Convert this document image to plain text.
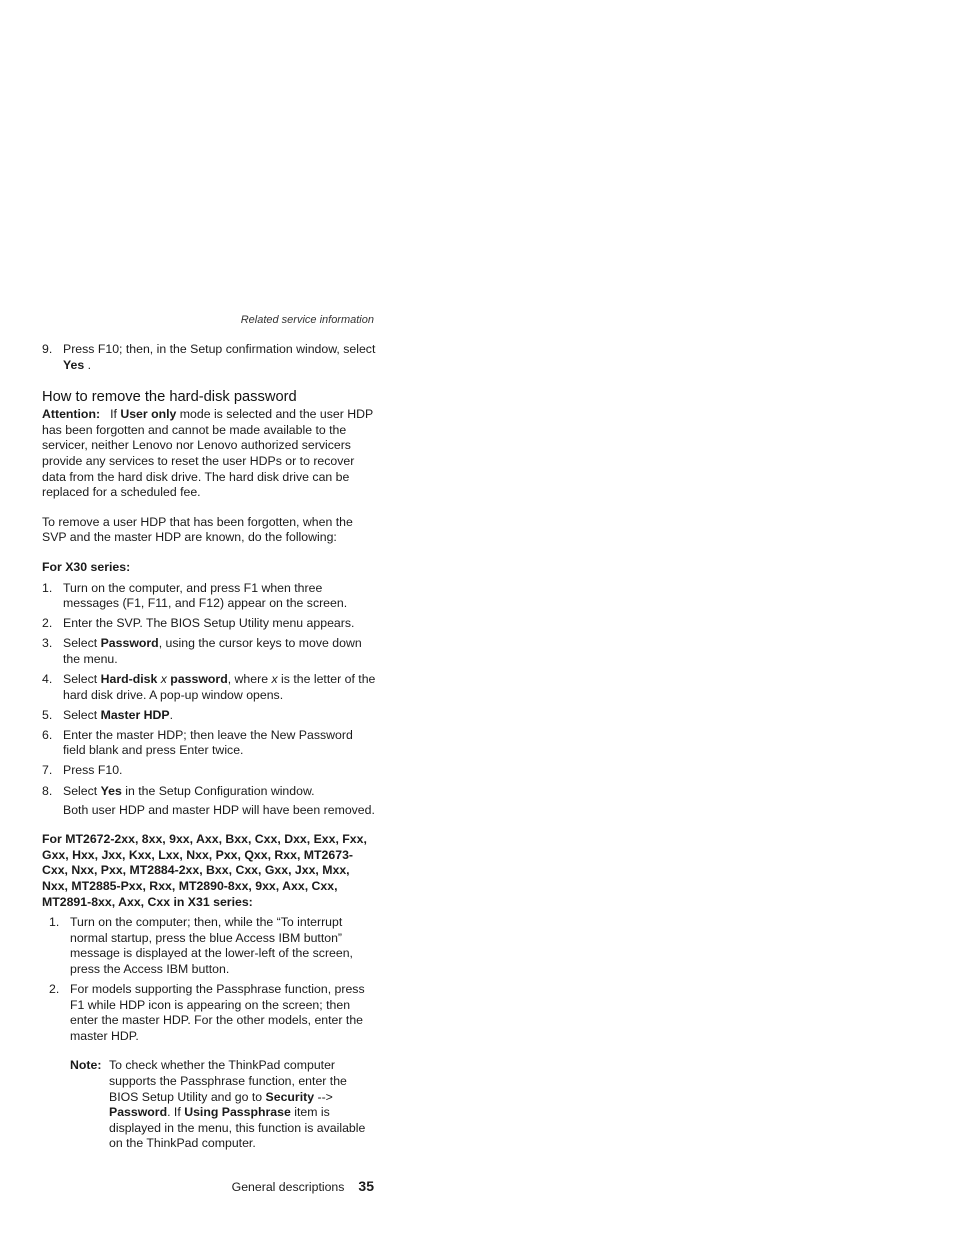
Related service information
9. Press F10; then, in the Setup confirmation window, select Yes .
How to remove the hard-disk password

Attention: If User only mode is selected and the user HDP has been forgotten and cannot be made available to the servicer, neither Lenovo nor Lenovo authorized servicers provide any services to reset the user HDPs or to recover data from the hard disk drive. The hard disk drive can be replaced for a scheduled fee.

To remove a user HDP that has been forgotten, when the SVP and the master HDP are known, do the following:

For X30 series:
1. Turn on the computer, and press F1 when three messages (F1, F11, and F12) appear on the screen.
2. Enter the SVP. The BIOS Setup Utility menu appears.
3. Select Password, using the cursor keys to move down the menu.
4. Select Hard-disk x password, where x is the letter of the hard disk drive. A pop-up window opens.
5. Select Master HDP.
6. Enter the master HDP; then leave the New Password field blank and press Enter twice.
7. Press F10.
8. Select Yes in the Setup Configuration window.

Both user HDP and master HDP will have been removed.

For MT2672-2xx, 8xx, 9xx, Axx, Bxx, Cxx, Dxx, Exx, Fxx, Gxx, Hxx, Jxx, Kxx, Lxx, Nxx, Pxx, Qxx, Rxx, MT2673-Cxx, Nxx, Pxx, MT2884-2xx, Bxx, Cxx, Gxx, Jxx, Mxx, Nxx, MT2885-Pxx, Rxx, MT2890-8xx, 9xx, Axx, Cxx, MT2891-8xx, Axx, Cxx in X31 series:
1. Turn on the computer; then, while the “To interrupt normal startup, press the blue Access IBM button” message is displayed at the lower-left of the screen, press the Access IBM button.
2. For models supporting the Passphrase function, press F1 while HDP icon is appearing on the screen; then enter the master HDP. For the other models, enter the master HDP.
Note: To check whether the ThinkPad computer supports the Passphrase function, enter the BIOS Setup Utility and go to Security --> Password. If Using Passphrase item is displayed in the menu, this function is available on the ThinkPad computer.
General descriptions 35
